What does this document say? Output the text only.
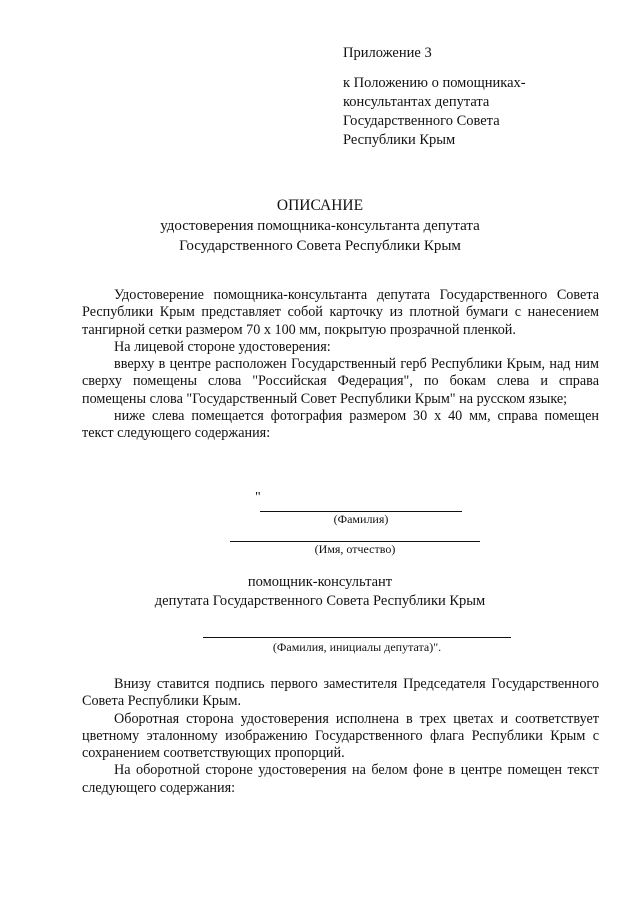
Приложение 3
к Положению о помощниках-
консультантах депутата
Государственного Совета
Республики Крым
ОПИСАНИЕ
удостоверения помощника-консультанта депутата
Государственного Совета Республики Крым

Удостоверение помощника-консультанта депутата Государственного Совета Республики Крым представляет собой карточку из плотной бумаги с нанесением тангирной сетки размером 70 х 100 мм, покрытую прозрачной пленкой.

На лицевой стороне удостоверения:

вверху в центре расположен Государственный герб Республики Крым, над ним сверху помещены слова "Российская Федерация", по бокам слева и справа помещены слова "Государственный Совет Республики Крым" на русском языке;

ниже слева помещается фотография размером 30 х 40 мм, справа помещен текст следующего содержания:

"
(Фамилия)
(Имя, отчество)
помощник-консультант
депутата Государственного Совета Республики Крым
(Фамилия, инициалы депутата)".

Внизу ставится подпись первого заместителя Председателя Государственного Совета Республики Крым.

Оборотная сторона удостоверения исполнена в трех цветах и соответствует цветному эталонному изображению Государственного флага Республики Крым с сохранением соответствующих пропорций.

На оборотной стороне удостоверения на белом фоне в центре помещен текст следующего содержания:
